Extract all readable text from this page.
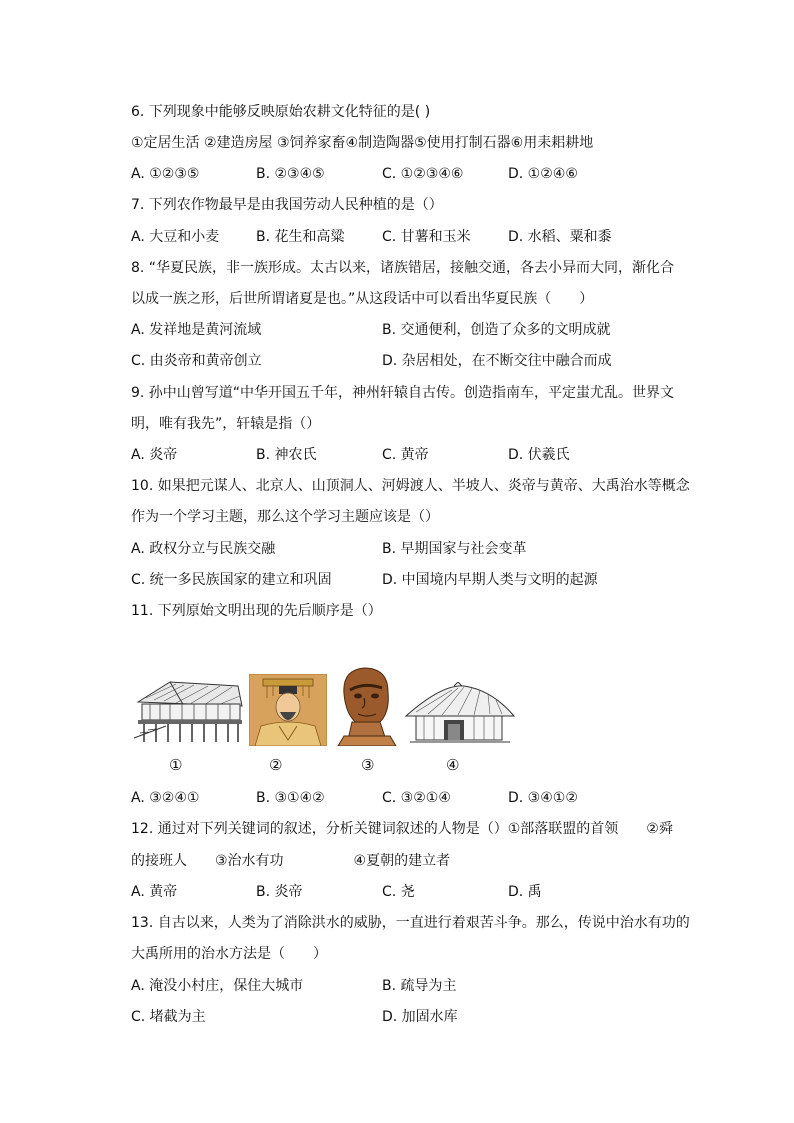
6. 下列现象中能够反映原始农耕文化特征的是( )
①定居生活 ②建造房屋 ③饲养家畜④制造陶器⑤使用打制石器⑥用耒耜耕地
A. ①②③⑤	B. ②③④⑤	C. ①②③④⑥	D. ①②④⑥
7. 下列农作物最早是由我国劳动人民种植的是（）
A. 大豆和小麦	B. 花生和高粱	C. 甘薯和玉米	D. 水稻、粟和黍
8. “华夏民族，非一族形成。太古以来，诸族错居，接触交通，各去小异而大同，渐化合
以成一族之形，后世所谓诸夏是也。”从这段话中可以看出华夏民族（　　）
A. 发祥地是黄河流域	B. 交通便利，创造了众多的文明成就
C. 由炎帝和黄帝创立	D. 杂居相处，在不断交往中融合而成
9. 孙中山曾写道“中华开国五千年，神州轩辕自古传。创造指南车，平定蚩尤乱。世界文
明，唯有我先”，轩辕是指（）
A. 炎帝	B. 神农氏	C. 黄帝	D. 伏羲氏
10. 如果把元谋人、北京人、山顶洞人、河姆渡人、半坡人、炎帝与黄帝、大禹治水等概念
作为一个学习主题，那么这个学习主题应该是（）
A. 政权分立与民族交融	B. 早期国家与社会变革
C. 统一多民族国家的建立和巩固	D. 中国境内早期人类与文明的起源
11. 下列原始文明出现的先后顺序是（）
①	②	③	④
A. ③②④①	B. ③①④②	C. ③②①④	D. ③④①②
12. 通过对下列关键词的叙述，分析关键词叙述的人物是（）①部落联盟的首领　　②舜
的接班人　　③治水有功　　　　　④夏朝的建立者
A. 黄帝	B. 炎帝	C. 尧	D. 禹
13. 自古以来，人类为了消除洪水的威胁，一直进行着艰苦斗争。那么，传说中治水有功的
大禹所用的治水方法是（　　）
A. 淹没小村庄，保住大城市	B. 疏导为主
C. 堵截为主	D. 加固水库
